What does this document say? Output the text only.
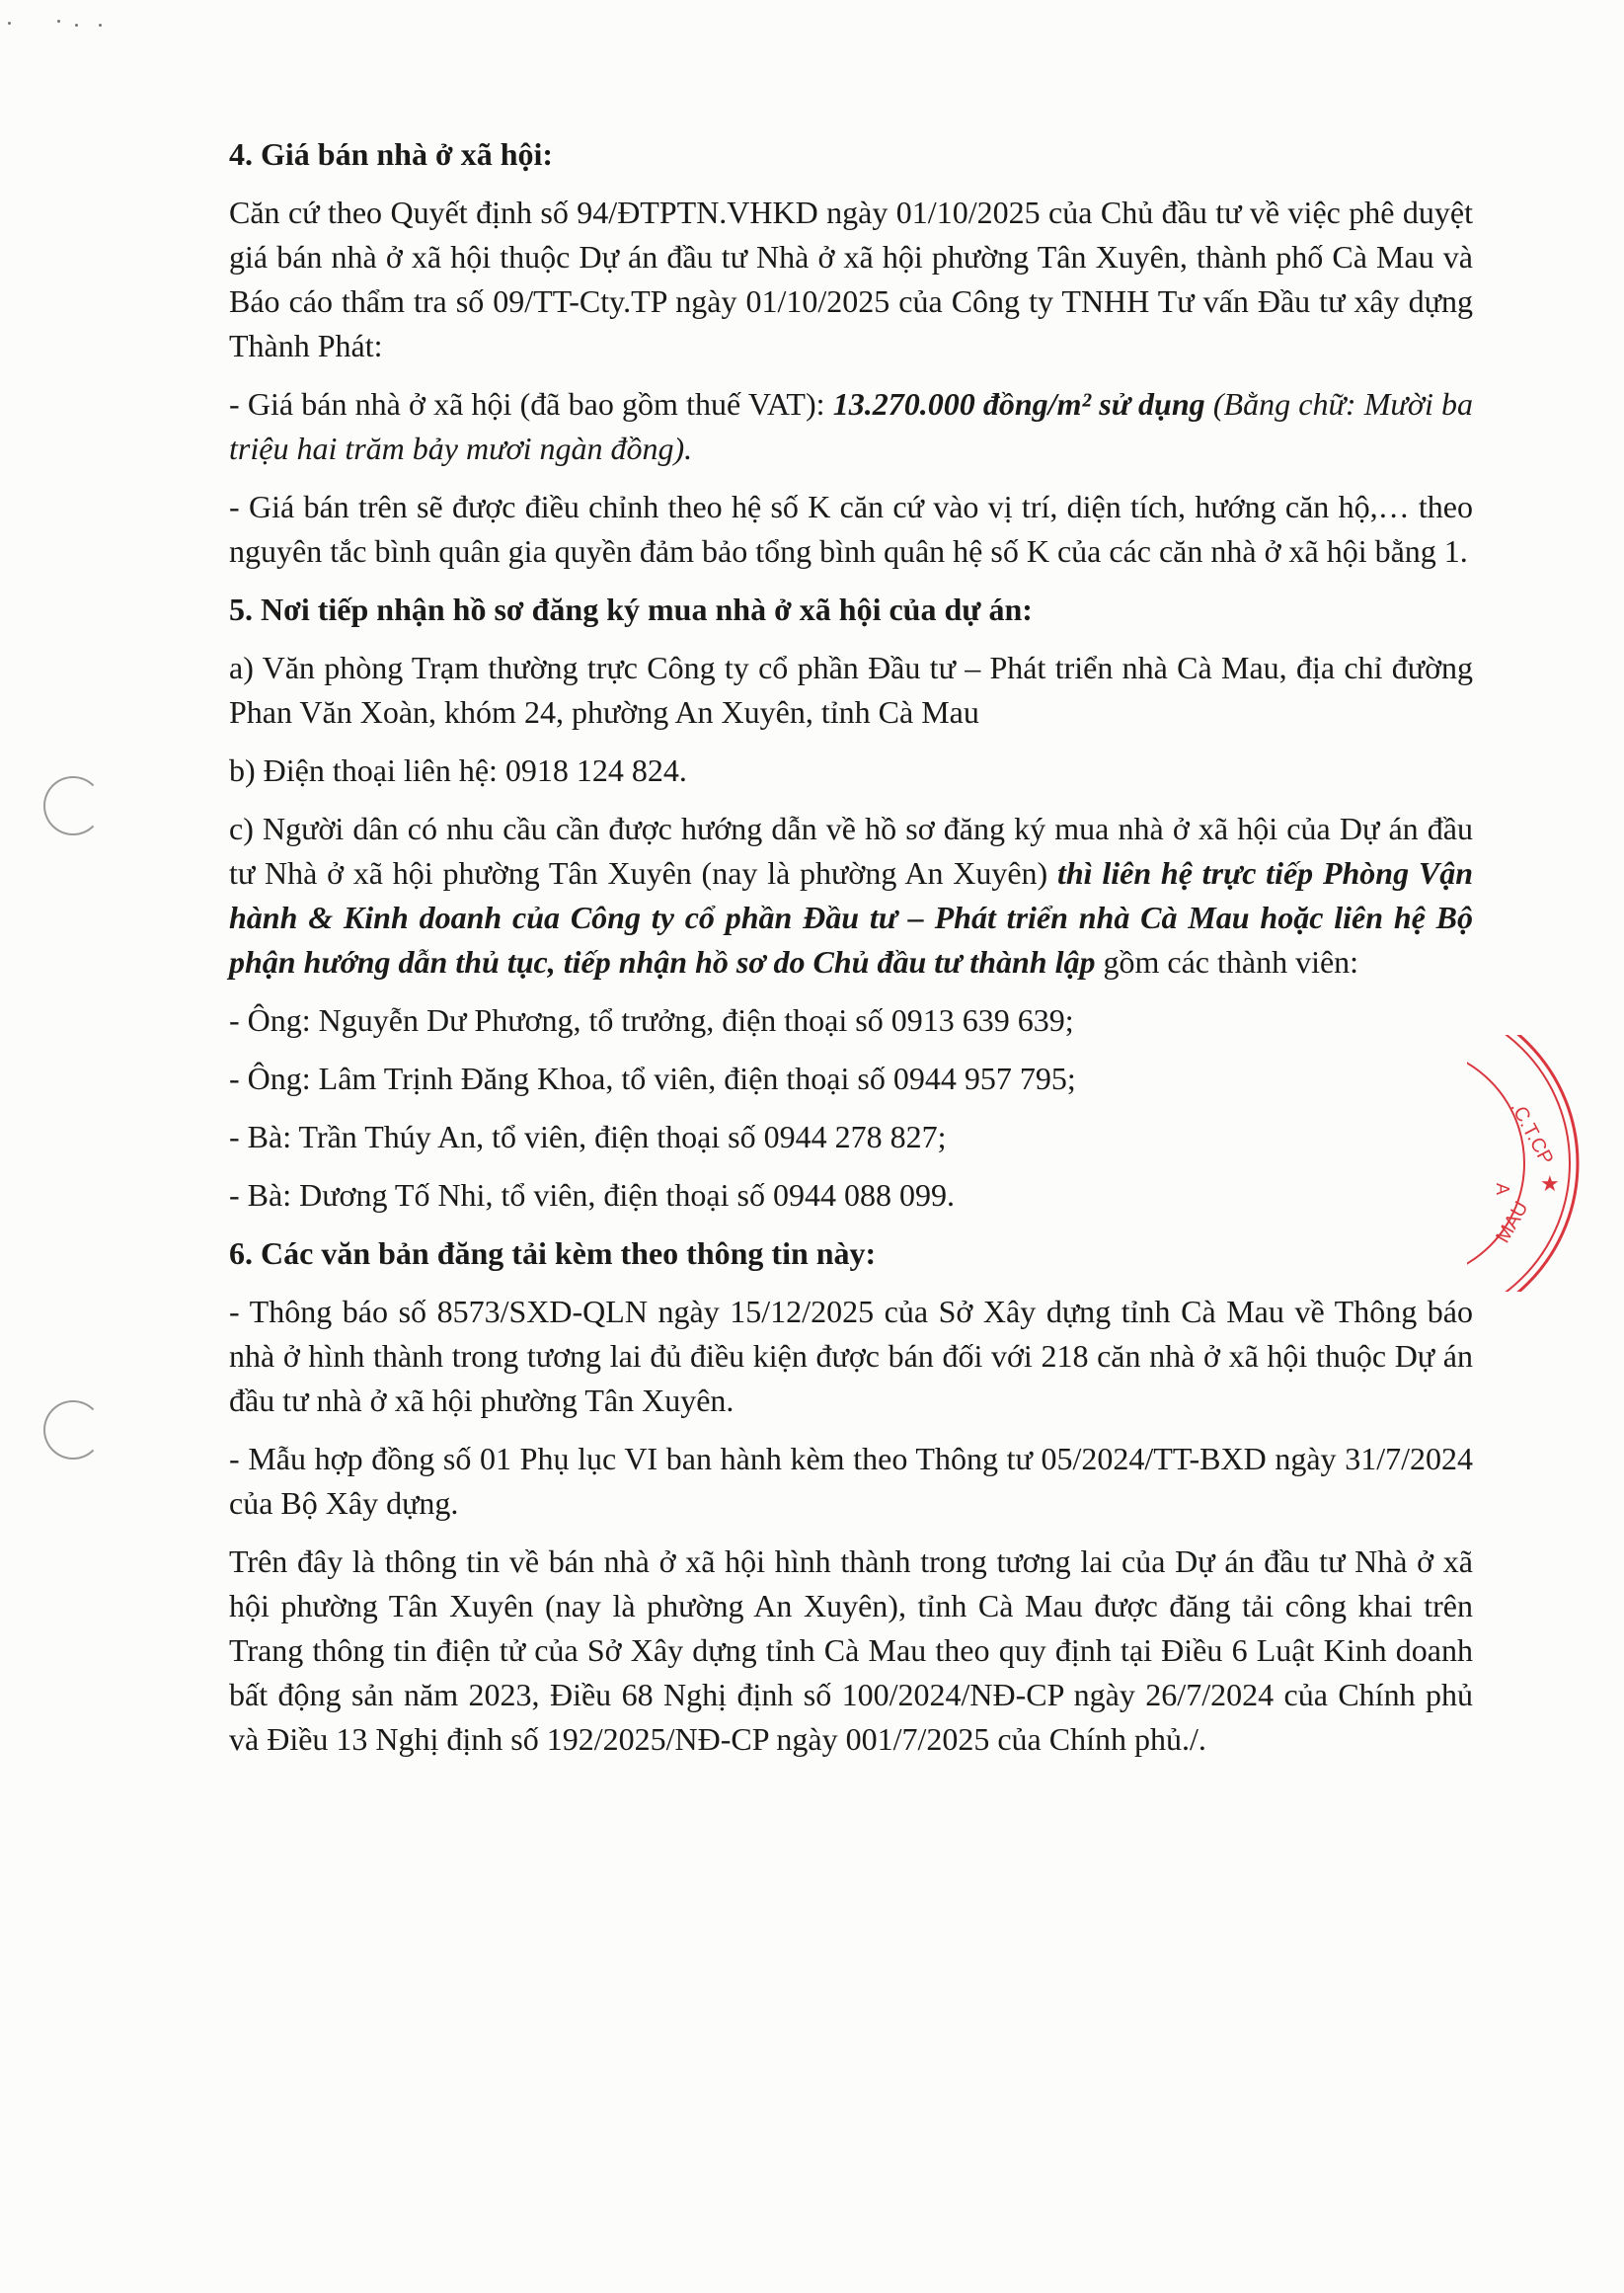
.C.T.CP
★
MAU
A

4. Giá bán nhà ở xã hội:

Căn cứ theo Quyết định số 94/ĐTPTN.VHKD ngày 01/10/2025 của Chủ đầu tư về việc phê duyệt giá bán nhà ở xã hội thuộc Dự án đầu tư Nhà ở xã hội phường Tân Xuyên, thành phố Cà Mau và Báo cáo thẩm tra số 09/TT-Cty.TP ngày 01/10/2025 của Công ty TNHH Tư vấn Đầu tư xây dựng Thành Phát:

- Giá bán nhà ở xã hội (đã bao gồm thuế VAT): 13.270.000 đồng/m² sử dụng (Bằng chữ: Mười ba triệu hai trăm bảy mươi ngàn đồng).

- Giá bán trên sẽ được điều chỉnh theo hệ số K căn cứ vào vị trí, diện tích, hướng căn hộ,… theo nguyên tắc bình quân gia quyền đảm bảo tổng bình quân hệ số K của các căn nhà ở xã hội bằng 1.

5. Nơi tiếp nhận hồ sơ đăng ký mua nhà ở xã hội của dự án:

a) Văn phòng Trạm thường trực Công ty cổ phần Đầu tư – Phát triển nhà Cà Mau, địa chỉ đường Phan Văn Xoàn, khóm 24, phường An Xuyên, tỉnh Cà Mau

b) Điện thoại liên hệ: 0918 124 824.

c) Người dân có nhu cầu cần được hướng dẫn về hồ sơ đăng ký mua nhà ở xã hội của Dự án đầu tư Nhà ở xã hội phường Tân Xuyên (nay là phường An Xuyên) thì liên hệ trực tiếp Phòng Vận hành & Kinh doanh của Công ty cổ phần Đầu tư – Phát triển nhà Cà Mau hoặc liên hệ Bộ phận hướng dẫn thủ tục, tiếp nhận hồ sơ do Chủ đầu tư thành lập gồm các thành viên:

- Ông: Nguyễn Dư Phương, tổ trưởng, điện thoại số 0913 639 639;

- Ông: Lâm Trịnh Đăng Khoa, tổ viên, điện thoại số 0944 957 795;

- Bà: Trần Thúy An, tổ viên, điện thoại số 0944 278 827;

- Bà: Dương Tố Nhi, tổ viên, điện thoại số 0944 088 099.

6. Các văn bản đăng tải kèm theo thông tin này:

- Thông báo số 8573/SXD-QLN ngày 15/12/2025 của Sở Xây dựng tỉnh Cà Mau về Thông báo nhà ở hình thành trong tương lai đủ điều kiện được bán đối với 218 căn nhà ở xã hội thuộc Dự án đầu tư nhà ở xã hội phường Tân Xuyên.

- Mẫu hợp đồng số 01 Phụ lục VI ban hành kèm theo Thông tư 05/2024/TT-BXD ngày 31/7/2024 của Bộ Xây dựng.

Trên đây là thông tin về bán nhà ở xã hội hình thành trong tương lai của Dự án đầu tư Nhà ở xã hội phường Tân Xuyên (nay là phường An Xuyên), tỉnh Cà Mau được đăng tải công khai trên Trang thông tin điện tử của Sở Xây dựng tỉnh Cà Mau theo quy định tại Điều 6 Luật Kinh doanh bất động sản năm 2023, Điều 68 Nghị định số 100/2024/NĐ-CP ngày 26/7/2024 của Chính phủ và Điều 13 Nghị định số 192/2025/NĐ-CP ngày 001/7/2025 của Chính phủ./.
